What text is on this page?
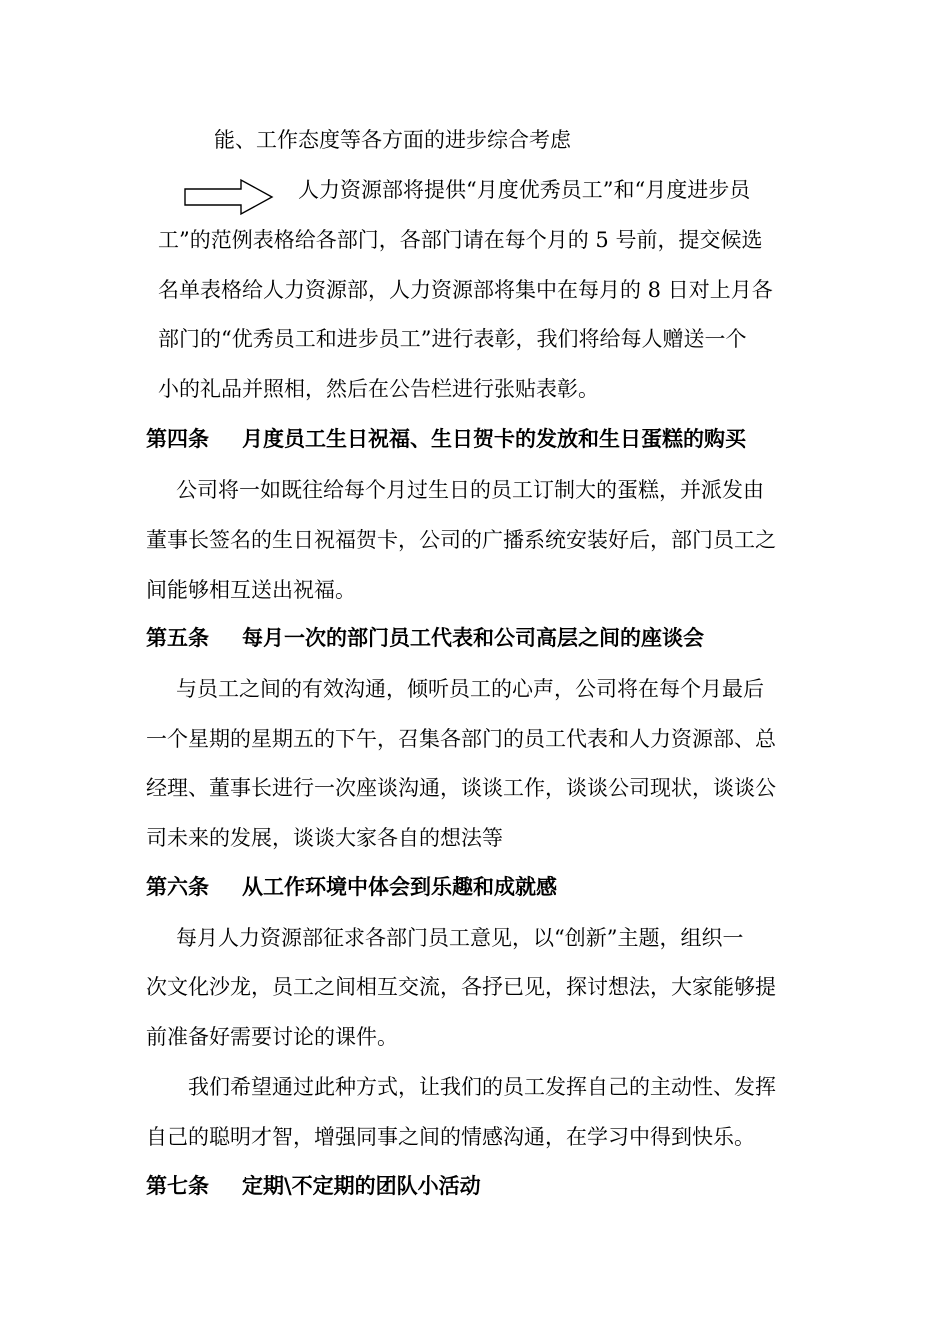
能、工作态度等各方面的进步综合考虑
人力资源部将提供“月度优秀员工”和“月度进步员
工”的范例表格给各部门，各部门请在每个月的 5 号前，提交候选
名单表格给人力资源部，人力资源部将集中在每月的 8 日对上月各
部门的“优秀员工和进步员工”进行表彰，我们将给每人赠送一个
小的礼品并照相，然后在公告栏进行张贴表彰。
第四条 月度员工生日祝福、生日贺卡的发放和生日蛋糕的购买
公司将一如既往给每个月过生日的员工订制大的蛋糕，并派发由
董事长签名的生日祝福贺卡，公司的广播系统安装好后，部门员工之
间能够相互送出祝福。
第五条 每月一次的部门员工代表和公司高层之间的座谈会
与员工之间的有效沟通，倾听员工的心声，公司将在每个月最后
一个星期的星期五的下午，召集各部门的员工代表和人力资源部、总
经理、董事长进行一次座谈沟通，谈谈工作，谈谈公司现状，谈谈公
司未来的发展，谈谈大家各自的想法等
第六条 从工作环境中体会到乐趣和成就感
每月人力资源部征求各部门员工意见，以“创新”主题，组织一
次文化沙龙，员工之间相互交流，各抒已见，探讨想法，大家能够提
前准备好需要讨论的课件。
我们希望通过此种方式，让我们的员工发挥自己的主动性、发挥
自己的聪明才智，增强同事之间的情感沟通，在学习中得到快乐。
第七条 定期\不定期的团队小活动
